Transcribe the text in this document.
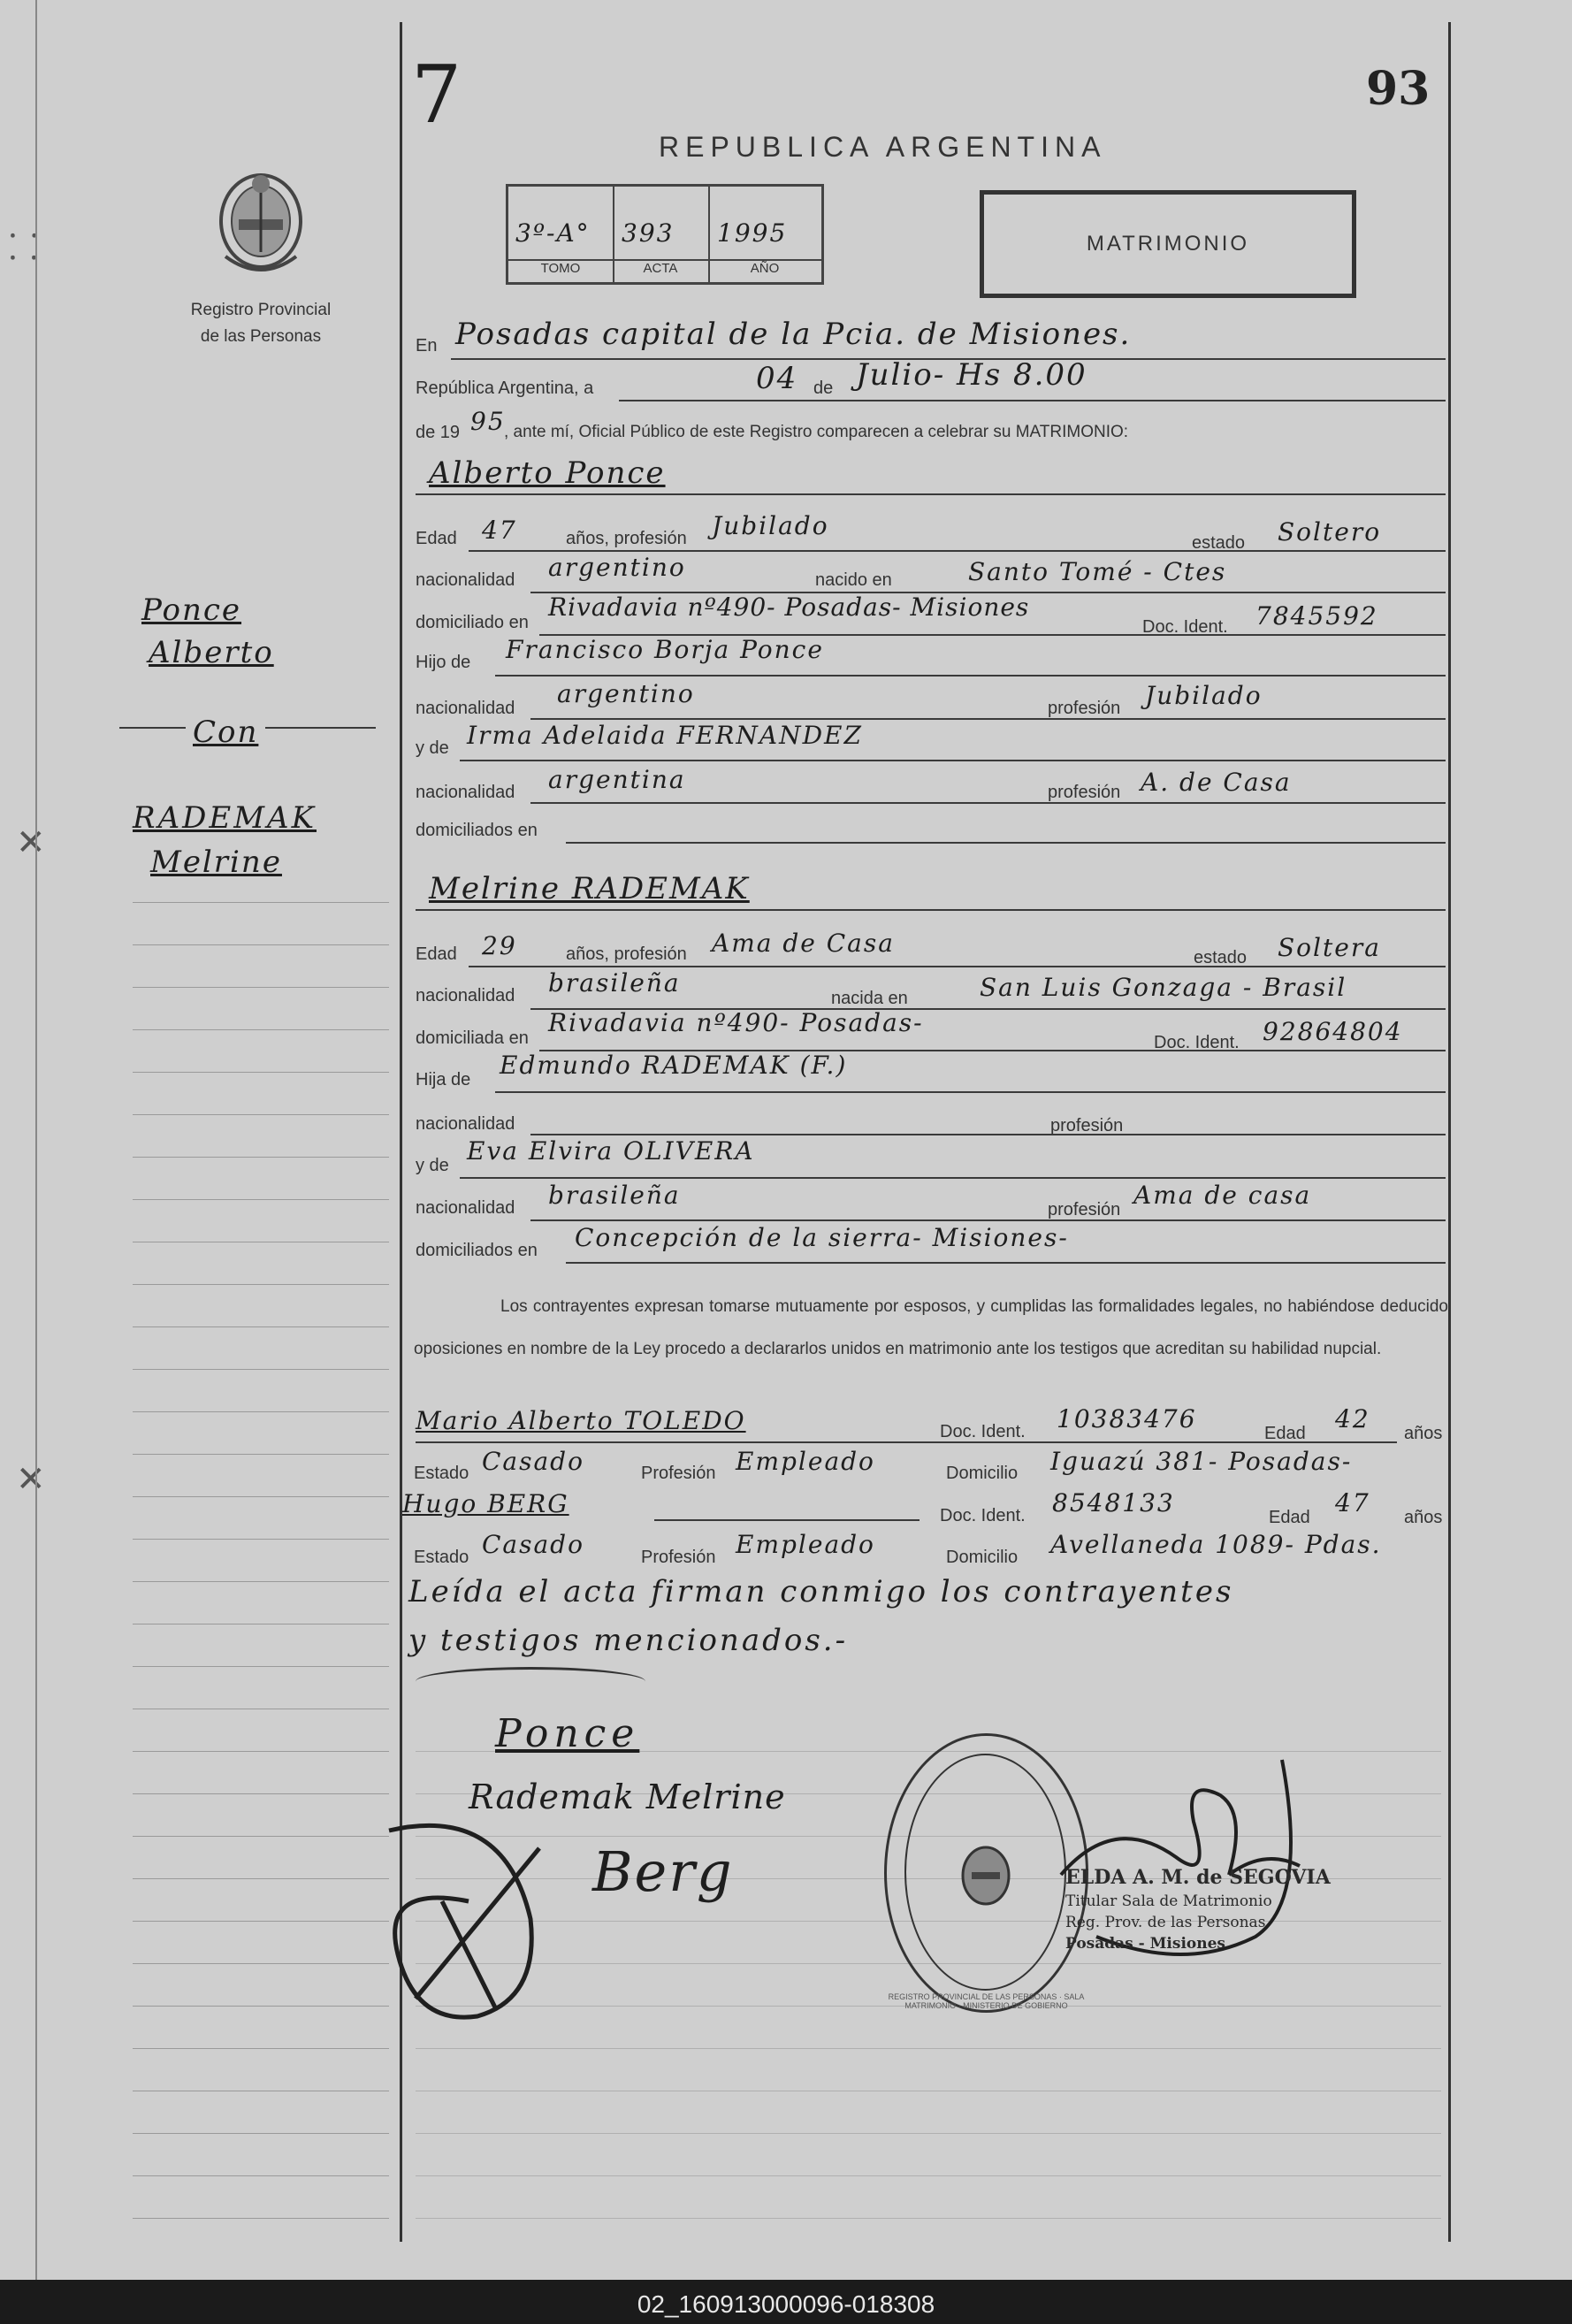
⸬
✕
✕
Registro Provincial
de las Personas
Ponce
Alberto
Con
RADEMAK
Melrine
7	93
REPUBLICA ARGENTINA
3º-A° 393 1995
TOMO	ACTA	AÑO
MATRIMONIO
En Posadas capital de la Pcia. de Misiones.
República Argentina, a	04 de Julio- Hs 8.00
de 19 95
, ante mí, Oficial Público de este Registro comparecen a celebrar su MATRIMONIO:
Alberto Ponce
Edad 47	años, profesión Jubilado
estado Soltero
nacionalidad argentino	nacido en	Santo Tomé - Ctes
domiciliado en
Rivadavia nº490- Posadas- Misiones
Doc. Ident. 7845592
Hijo de Francisco Borja Ponce
nacionalidad argentino	profesión Jubilado
y de Irma Adelaida FERNANDEZ
nacionalidad argentina	profesión A. de Casa
domiciliados en
Melrine RADEMAK
Edad 29	años, profesión Ama de Casa	estado Soltera
nacionalidad brasileña
nacida en	San Luis Gonzaga - Brasil
domiciliada en
Rivadavia nº490- Posadas-
Doc. Ident. 92864804
Hija de Edmundo RADEMAK (F.)
nacionalidad	profesión
y de Eva Elvira OLIVERA
nacionalidad brasileña	profesión Ama de casa
domiciliados en Concepción de la sierra- Misiones-
Los contrayentes expresan tomarse mutuamente por esposos, y cumplidas las formalidades legales, no habiéndose deducido oposiciones en nombre de la Ley procedo a declararlos unidos en matrimonio ante los testigos que acreditan su habilidad nupcial.
Mario Alberto TOLEDO	Doc. Ident. 10383476	Edad 42 años
Estado Casado	Profesión Empleado	Domicilio Iguazú 381- Posadas-
Hugo BERG	Doc. Ident. 8548133	Edad 47 años
Estado Casado	Profesión Empleado	Domicilio Avellaneda 1089- Pdas.
Leída el acta firman conmigo los contrayentes
y testigos mencionados.-
Ponce
Rademak Melrine
Berg
REGISTRO PROVINCIAL DE LAS PERSONAS · SALA MATRIMONIO · MINISTERIO DE GOBIERNO
ELDA A. M. de SEGOVIA
Titular Sala de Matrimonio
Reg. Prov. de las Personas
Posadas - Misiones
02_160913000096-018308
